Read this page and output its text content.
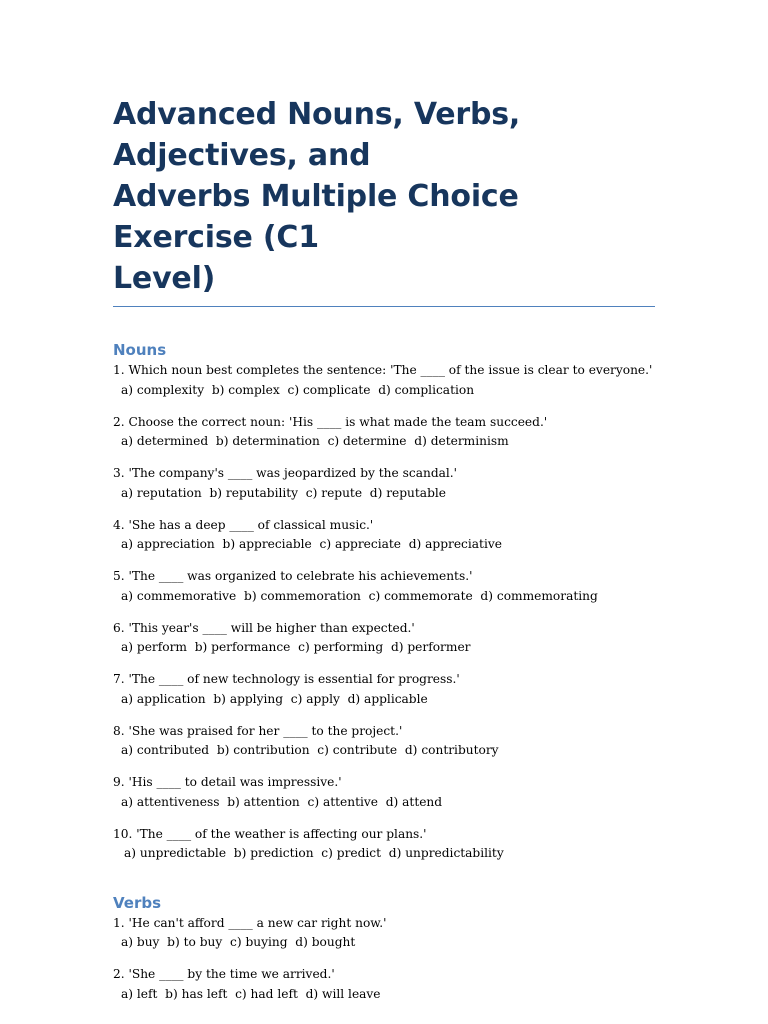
Advanced Nouns, Verbs, Adjectives, and
Adverbs Multiple Choice Exercise (C1
Level)
Nouns
1. Which noun best completes the sentence: 'The ____ of the issue is clear to everyone.'
a) complexity  b) complex  c) complicate  d) complication
2. Choose the correct noun: 'His ____ is what made the team succeed.'
a) determined  b) determination  c) determine  d) determinism
3. 'The company's ____ was jeopardized by the scandal.'
a) reputation  b) reputability  c) repute  d) reputable
4. 'She has a deep ____ of classical music.'
a) appreciation  b) appreciable  c) appreciate  d) appreciative
5. 'The ____ was organized to celebrate his achievements.'
a) commemorative  b) commemoration  c) commemorate  d) commemorating
6. 'This year's ____ will be higher than expected.'
a) perform  b) performance  c) performing  d) performer
7. 'The ____ of new technology is essential for progress.'
a) application  b) applying  c) apply  d) applicable
8. 'She was praised for her ____ to the project.'
a) contributed  b) contribution  c) contribute  d) contributory
9. 'His ____ to detail was impressive.'
a) attentiveness  b) attention  c) attentive  d) attend
10. 'The ____ of the weather is affecting our plans.'
a) unpredictable  b) prediction  c) predict  d) unpredictability
Verbs
1. 'He can't afford ____ a new car right now.'
a) buy  b) to buy  c) buying  d) bought
2. 'She ____ by the time we arrived.'
a) left  b) has left  c) had left  d) will leave
